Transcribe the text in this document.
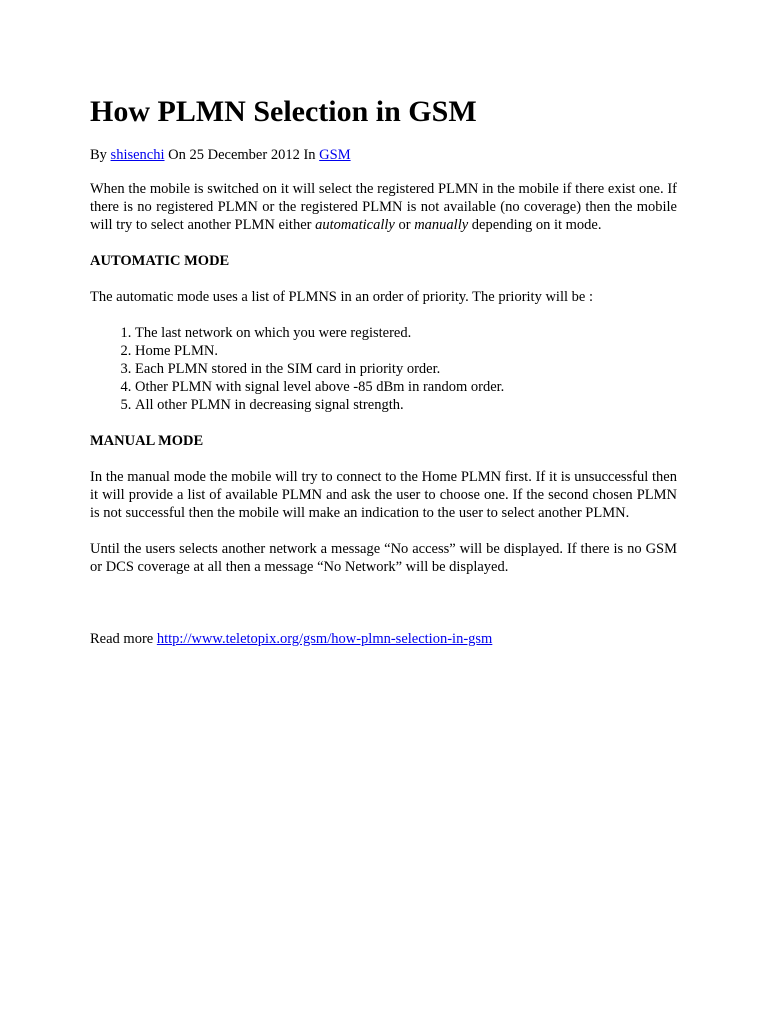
How PLMN Selection in GSM
By shisenchi On 25 December 2012 In GSM

When the mobile is switched on it will select the registered PLMN in the mobile if there exist one. If there is no registered PLMN or the registered PLMN is not available (no coverage) then the mobile will try to select another PLMN either automatically or manually depending on it mode.

AUTOMATIC MODE

The automatic mode uses a list of PLMNS in an order of priority. The priority will be :

1. The last network on which you were registered.
2. Home PLMN.
3. Each PLMN stored in the SIM card in priority order.
4. Other PLMN with signal level above -85 dBm in random order.
5. All other PLMN in decreasing signal strength.
MANUAL MODE

In the manual mode the mobile will try to connect to the Home PLMN first. If it is unsuccessful then it will provide a list of available PLMN and ask the user to choose one. If the second chosen PLMN is not successful then the mobile will make an indication to the user to select another PLMN.

Until the users selects another network a message “No access” will be displayed. If there is no GSM or DCS coverage at all then a message “No Network” will be displayed.

Read more http://www.teletopix.org/gsm/how-plmn-selection-in-gsm
